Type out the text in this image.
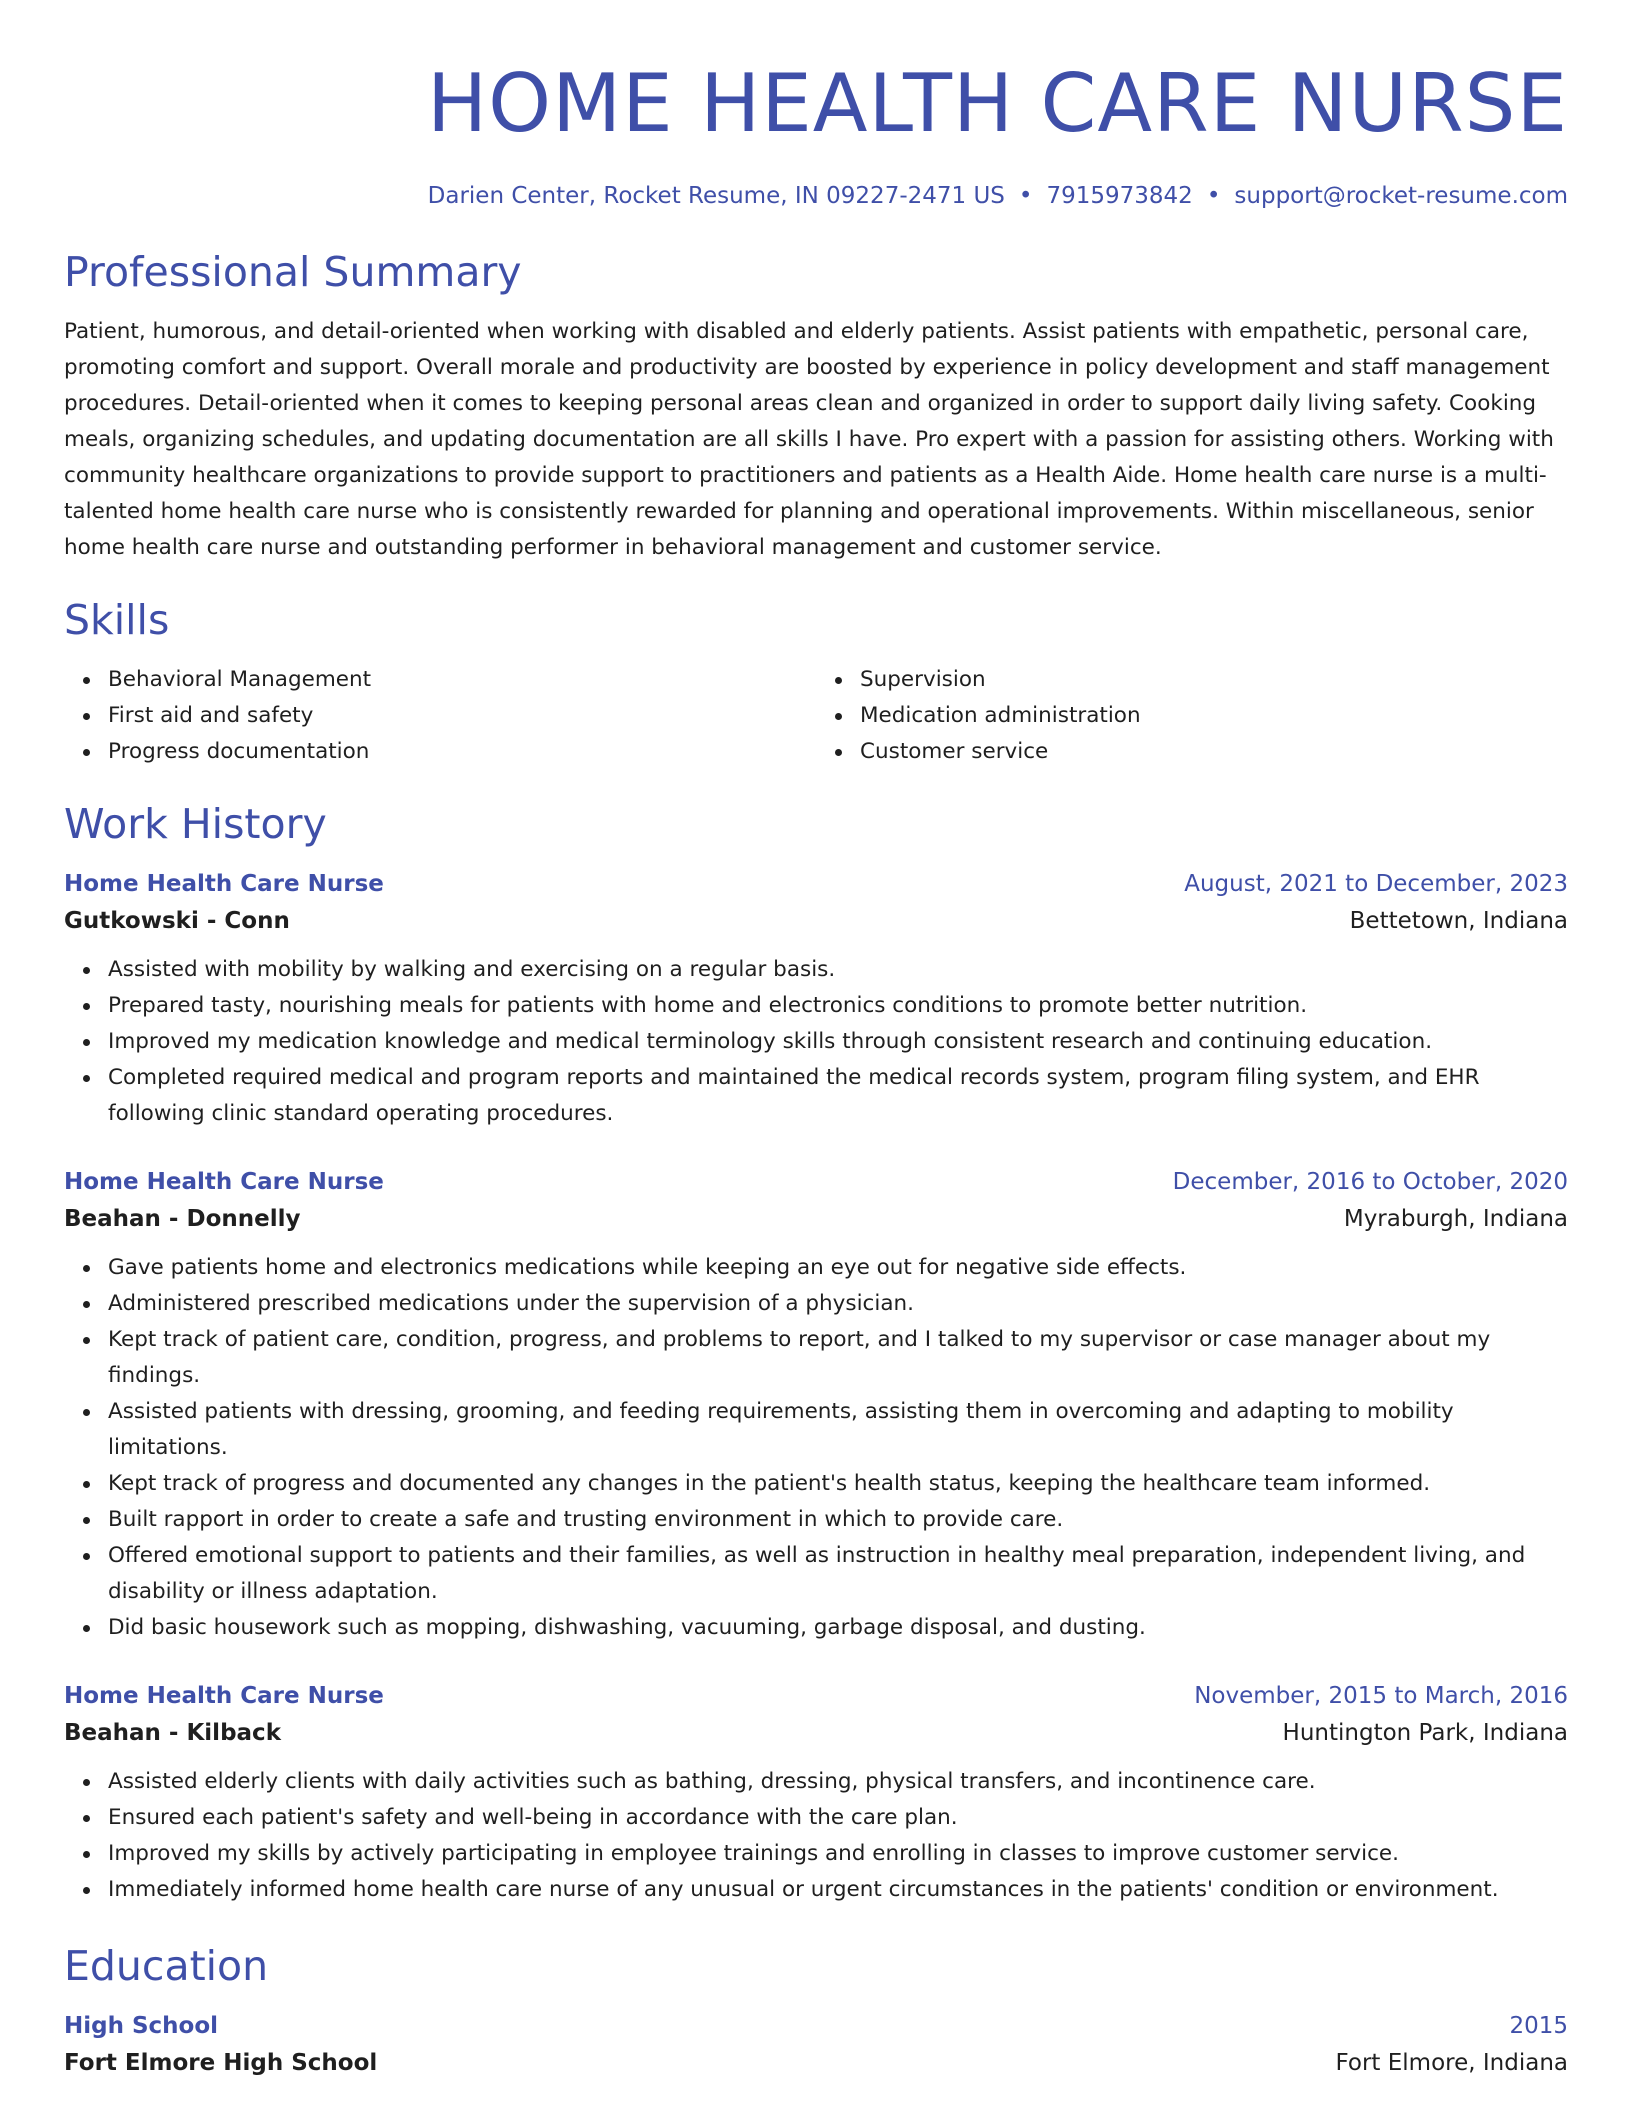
HOME HEALTH CARE NURSE
Darien Center, Rocket Resume, IN 09227-2471 US • 7915973842 • support@rocket-resume.com
Professional Summary

Patient, humorous, and detail-oriented when working with disabled and elderly patients. Assist patients with empathetic, personal care, promoting comfort and support. Overall morale and productivity are boosted by experience in policy development and staff management procedures. Detail-oriented when it comes to keeping personal areas clean and organized in order to support daily living safety. Cooking meals, organizing schedules, and updating documentation are all skills I have. Pro expert with a passion for assisting others. Working with community healthcare organizations to provide support to practitioners and patients as a Health Aide. Home health care nurse is a multi-talented home health care nurse who is consistently rewarded for planning and operational improvements. Within miscellaneous, senior home health care nurse and outstanding performer in behavioral management and customer service.

Skills
Behavioral Management
First aid and safety
Progress documentation
Supervision
Medication administration
Customer service
Work History
Home Health Care Nurse	August, 2021 to December, 2023
Gutkowski - Conn	Bettetown, Indiana
Assisted with mobility by walking and exercising on a regular basis.
Prepared tasty, nourishing meals for patients with home and electronics conditions to promote better nutrition.
Improved my medication knowledge and medical terminology skills through consistent research and continuing education.
Completed required medical and program reports and maintained the medical records system, program filing system, and EHR following clinic standard operating procedures.
Home Health Care Nurse	December, 2016 to October, 2020
Beahan - Donnelly	Myraburgh, Indiana
Gave patients home and electronics medications while keeping an eye out for negative side effects.
Administered prescribed medications under the supervision of a physician.
Kept track of patient care, condition, progress, and problems to report, and I talked to my supervisor or case manager about my findings.
Assisted patients with dressing, grooming, and feeding requirements, assisting them in overcoming and adapting to mobility limitations.
Kept track of progress and documented any changes in the patient's health status, keeping the healthcare team informed.
Built rapport in order to create a safe and trusting environment in which to provide care.
Offered emotional support to patients and their families, as well as instruction in healthy meal preparation, independent living, and disability or illness adaptation.
Did basic housework such as mopping, dishwashing, vacuuming, garbage disposal, and dusting.
Home Health Care Nurse	November, 2015 to March, 2016
Beahan - Kilback	Huntington Park, Indiana
Assisted elderly clients with daily activities such as bathing, dressing, physical transfers, and incontinence care.
Ensured each patient's safety and well-being in accordance with the care plan.
Improved my skills by actively participating in employee trainings and enrolling in classes to improve customer service.
Immediately informed home health care nurse of any unusual or urgent circumstances in the patients' condition or environment.
Education
High School	2015
Fort Elmore High School	Fort Elmore, Indiana
